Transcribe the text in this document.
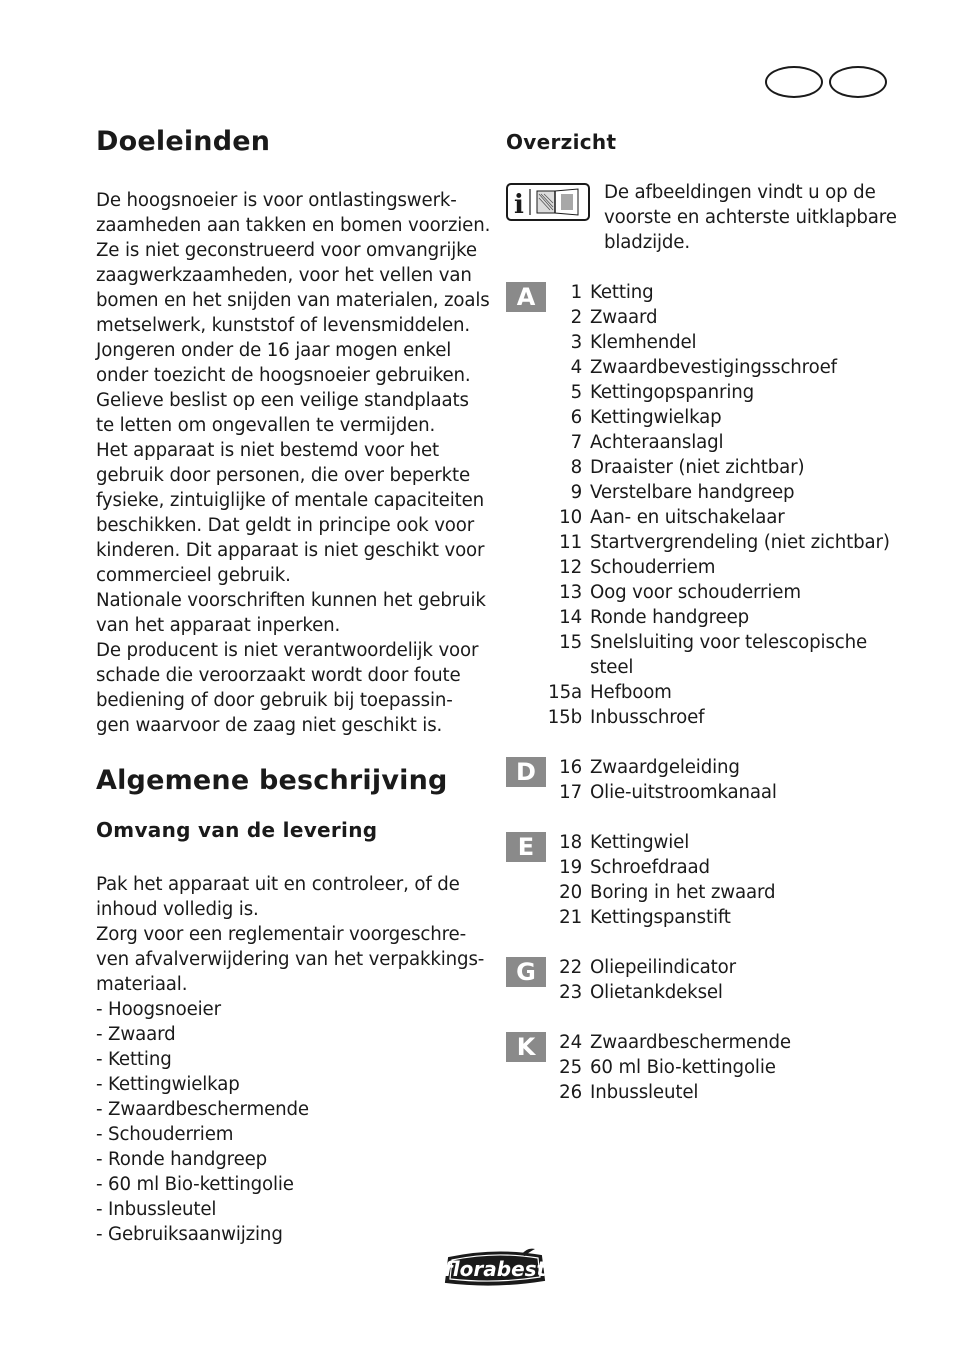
Doeleinden
De hoogsnoeier is voor ontlastingswerk-
zaamheden aan takken en bomen voorzien.
Ze is niet geconstrueerd voor omvangrijke
zaagwerkzaamheden, voor het vellen van
bomen en het snijden van materialen, zoals
metselwerk, kunststof of levensmiddelen.
Jongeren onder de 16 jaar mogen enkel
onder toezicht de hoogsnoeier gebruiken.
Gelieve beslist op een veilige standplaats
te letten om ongevallen te vermijden.
Het apparaat is niet bestemd voor het
gebruik door personen, die over beperkte
fysieke, zintuiglijke of mentale capaciteiten
beschikken. Dat geldt in principe ook voor
kinderen. Dit apparaat is niet geschikt voor
commercieel gebruik.
Nationale voorschriften kunnen het gebruik
van het apparaat inperken.
De producent is niet verantwoordelijk voor
schade die veroorzaakt wordt door foute
bediening of door gebruik bij toepassin-
gen waarvoor de zaag niet geschikt is.
Algemene beschrijving
Omvang van de levering
Pak het apparaat uit en controleer, of de
inhoud volledig is.
Zorg voor een reglementair voorgeschre-
ven afvalverwijdering van het verpakkings-
materiaal.
- Hoogsnoeier
- Zwaard
- Ketting
- Kettingwielkap
- Zwaardbeschermende
- Schouderriem
- Ronde handgreep
- 60 ml Bio-kettingolie
- Inbussleutel
- Gebruiksaanwijzing
Overzicht
i	De afbeeldingen vindt u op de
voorste en achterste uitklapbare
bladzijde.
A	1 Ketting
2 Zwaard
3 Klemhendel
4 Zwaardbevestigingsschroef
5 Kettingopspanring
6 Kettingwielkap
7 Achteraanslagl
8 Draaister (niet zichtbar)
9 Verstelbare handgreep
10 Aan- en uitschakelaar
11 Startvergrendeling (niet zichtbar)
12 Schouderriem
13 Oog voor schouderriem
14 Ronde handgreep
15 Snelsluiting voor telescopische
steel
15a Hefboom
15b Inbusschroef
D	16 Zwaardgeleiding
17 Olie-uitstroomkanaal
E	18 Kettingwiel
19 Schroefdraad
20 Boring in het zwaard
21 Kettingspanstift
G	22 Oliepeilindicator
23 Olietankdeksel
K	24 Zwaardbeschermende
25 60 ml Bio-kettingolie
26 Inbussleutel
florabest
